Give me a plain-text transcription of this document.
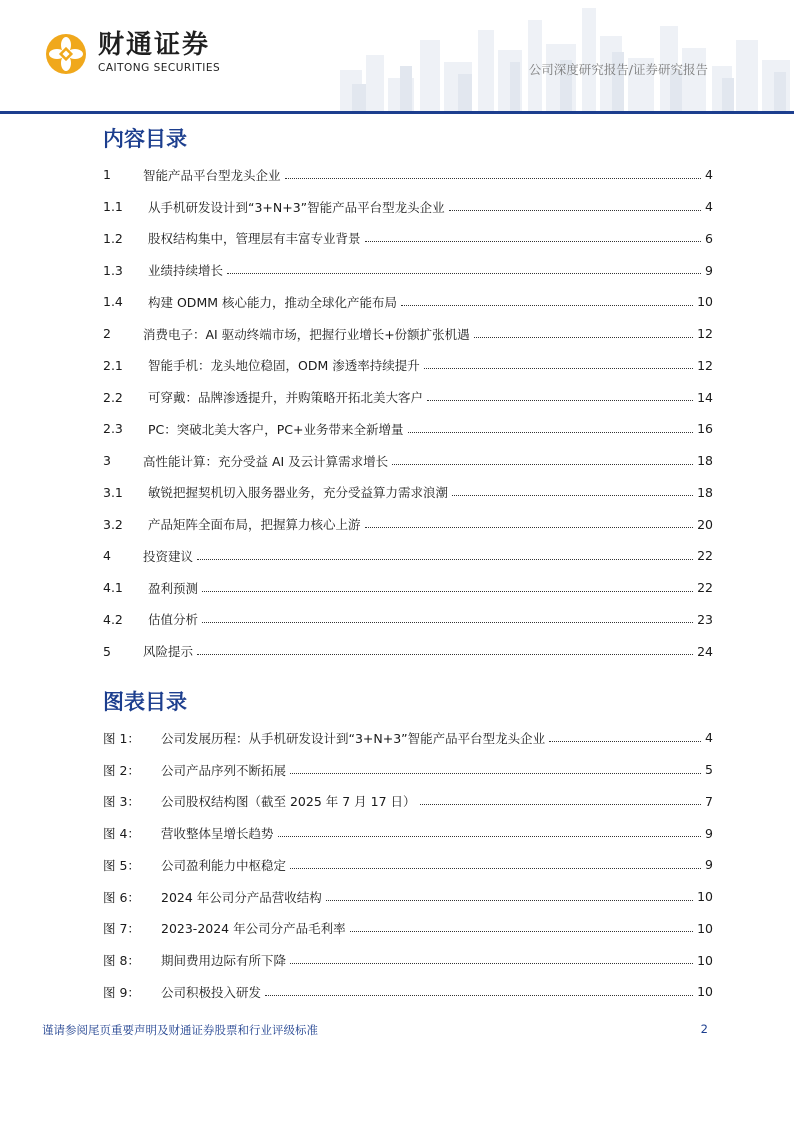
财通证券
CAITONG SECURITIES	公司深度研究报告/证券研究报告
内容目录
1	智能产品平台型龙头企业	4
1.1	从手机研发设计到“3+N+3”智能产品平台型龙头企业	4
1.2	股权结构集中，管理层有丰富专业背景	6
1.3	业绩持续增长	9
1.4	构建 ODMM 核心能力，推动全球化产能布局	10
2	消费电子：AI 驱动终端市场，把握行业增长+份额扩张机遇	12
2.1	智能手机：龙头地位稳固，ODM 渗透率持续提升	12
2.2	可穿戴：品牌渗透提升，并购策略开拓北美大客户	14
2.3	PC：突破北美大客户，PC+业务带来全新增量	16
3	高性能计算：充分受益 AI 及云计算需求增长	18
3.1	敏锐把握契机切入服务器业务，充分受益算力需求浪潮	18
3.2	产品矩阵全面布局，把握算力核心上游	20
4	投资建议	22
4.1	盈利预测	22
4.2	估值分析	23
5	风险提示	24
图表目录
图 1：	公司发展历程：从手机研发设计到“3+N+3”智能产品平台型龙头企业	4
图 2：	公司产品序列不断拓展	5
图 3：	公司股权结构图（截至 2025 年 7 月 17 日）	7
图 4：	营收整体呈增长趋势	9
图 5：	公司盈利能力中枢稳定	9
图 6：	2024 年公司分产品营收结构	10
图 7：	2023-2024 年公司分产品毛利率	10
图 8：	期间费用边际有所下降	10
图 9：	公司积极投入研发	10
谨请参阅尾页重要声明及财通证券股票和行业评级标准	2
